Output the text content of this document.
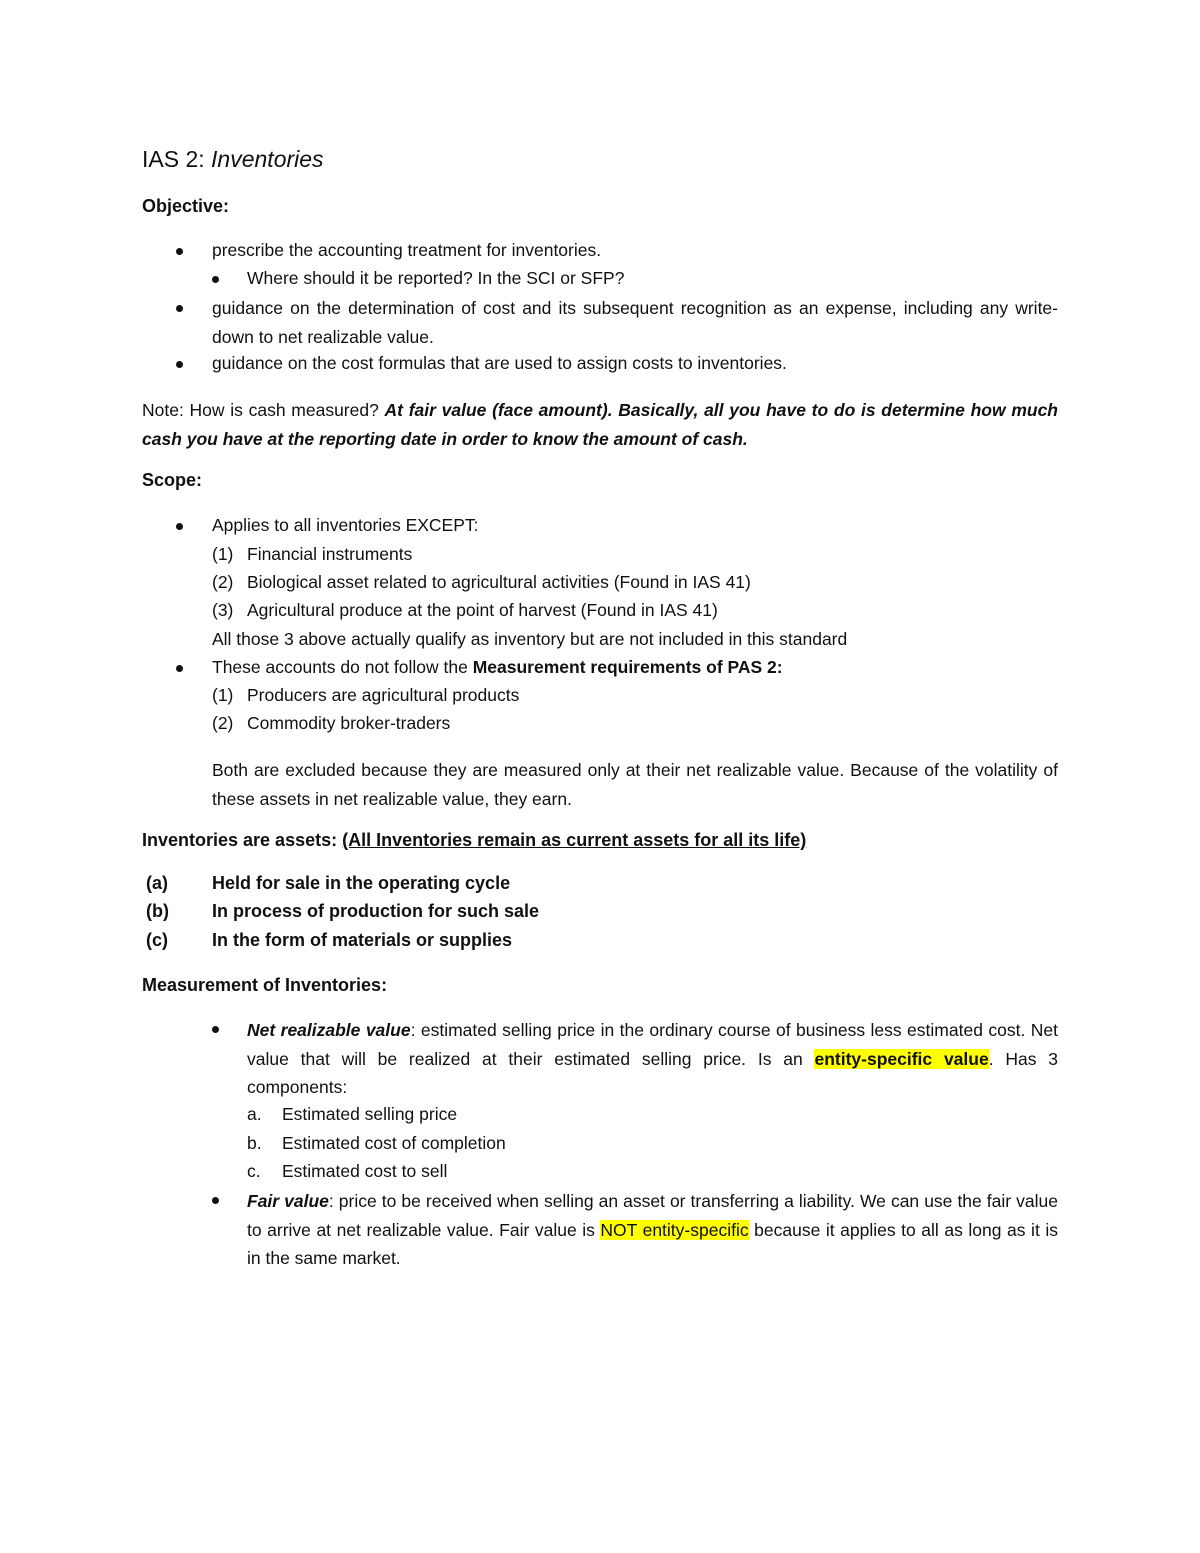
IAS 2: Inventories
Objective:
prescribe the accounting treatment for inventories.
Where should it be reported? In the SCI or SFP?
guidance on the determination of cost and its subsequent recognition as an expense, including any write-down to net realizable value.
guidance on the cost formulas that are used to assign costs to inventories.
Note: How is cash measured? At fair value (face amount). Basically, all you have to do is determine how much cash you have at the reporting date in order to know the amount of cash.
Scope:
Applies to all inventories EXCEPT:
(1) Financial instruments
(2) Biological asset related to agricultural activities (Found in IAS 41)
(3) Agricultural produce at the point of harvest (Found in IAS 41)
All those 3 above actually qualify as inventory but are not included in this standard
These accounts do not follow the Measurement requirements of PAS 2:
(1) Producers are agricultural products
(2) Commodity broker-traders
Both are excluded because they are measured only at their net realizable value. Because of the volatility of these assets in net realizable value, they earn.
Inventories are assets: (All Inventories remain as current assets for all its life)
(a) Held for sale in the operating cycle
(b) In process of production for such sale
(c) In the form of materials or supplies
Measurement of Inventories:
Net realizable value: estimated selling price in the ordinary course of business less estimated cost. Net value that will be realized at their estimated selling price. Is an entity-specific value. Has 3 components:
a. Estimated selling price
b. Estimated cost of completion
c. Estimated cost to sell
Fair value: price to be received when selling an asset or transferring a liability. We can use the fair value to arrive at net realizable value. Fair value is NOT entity-specific because it applies to all as long as it is in the same market.
